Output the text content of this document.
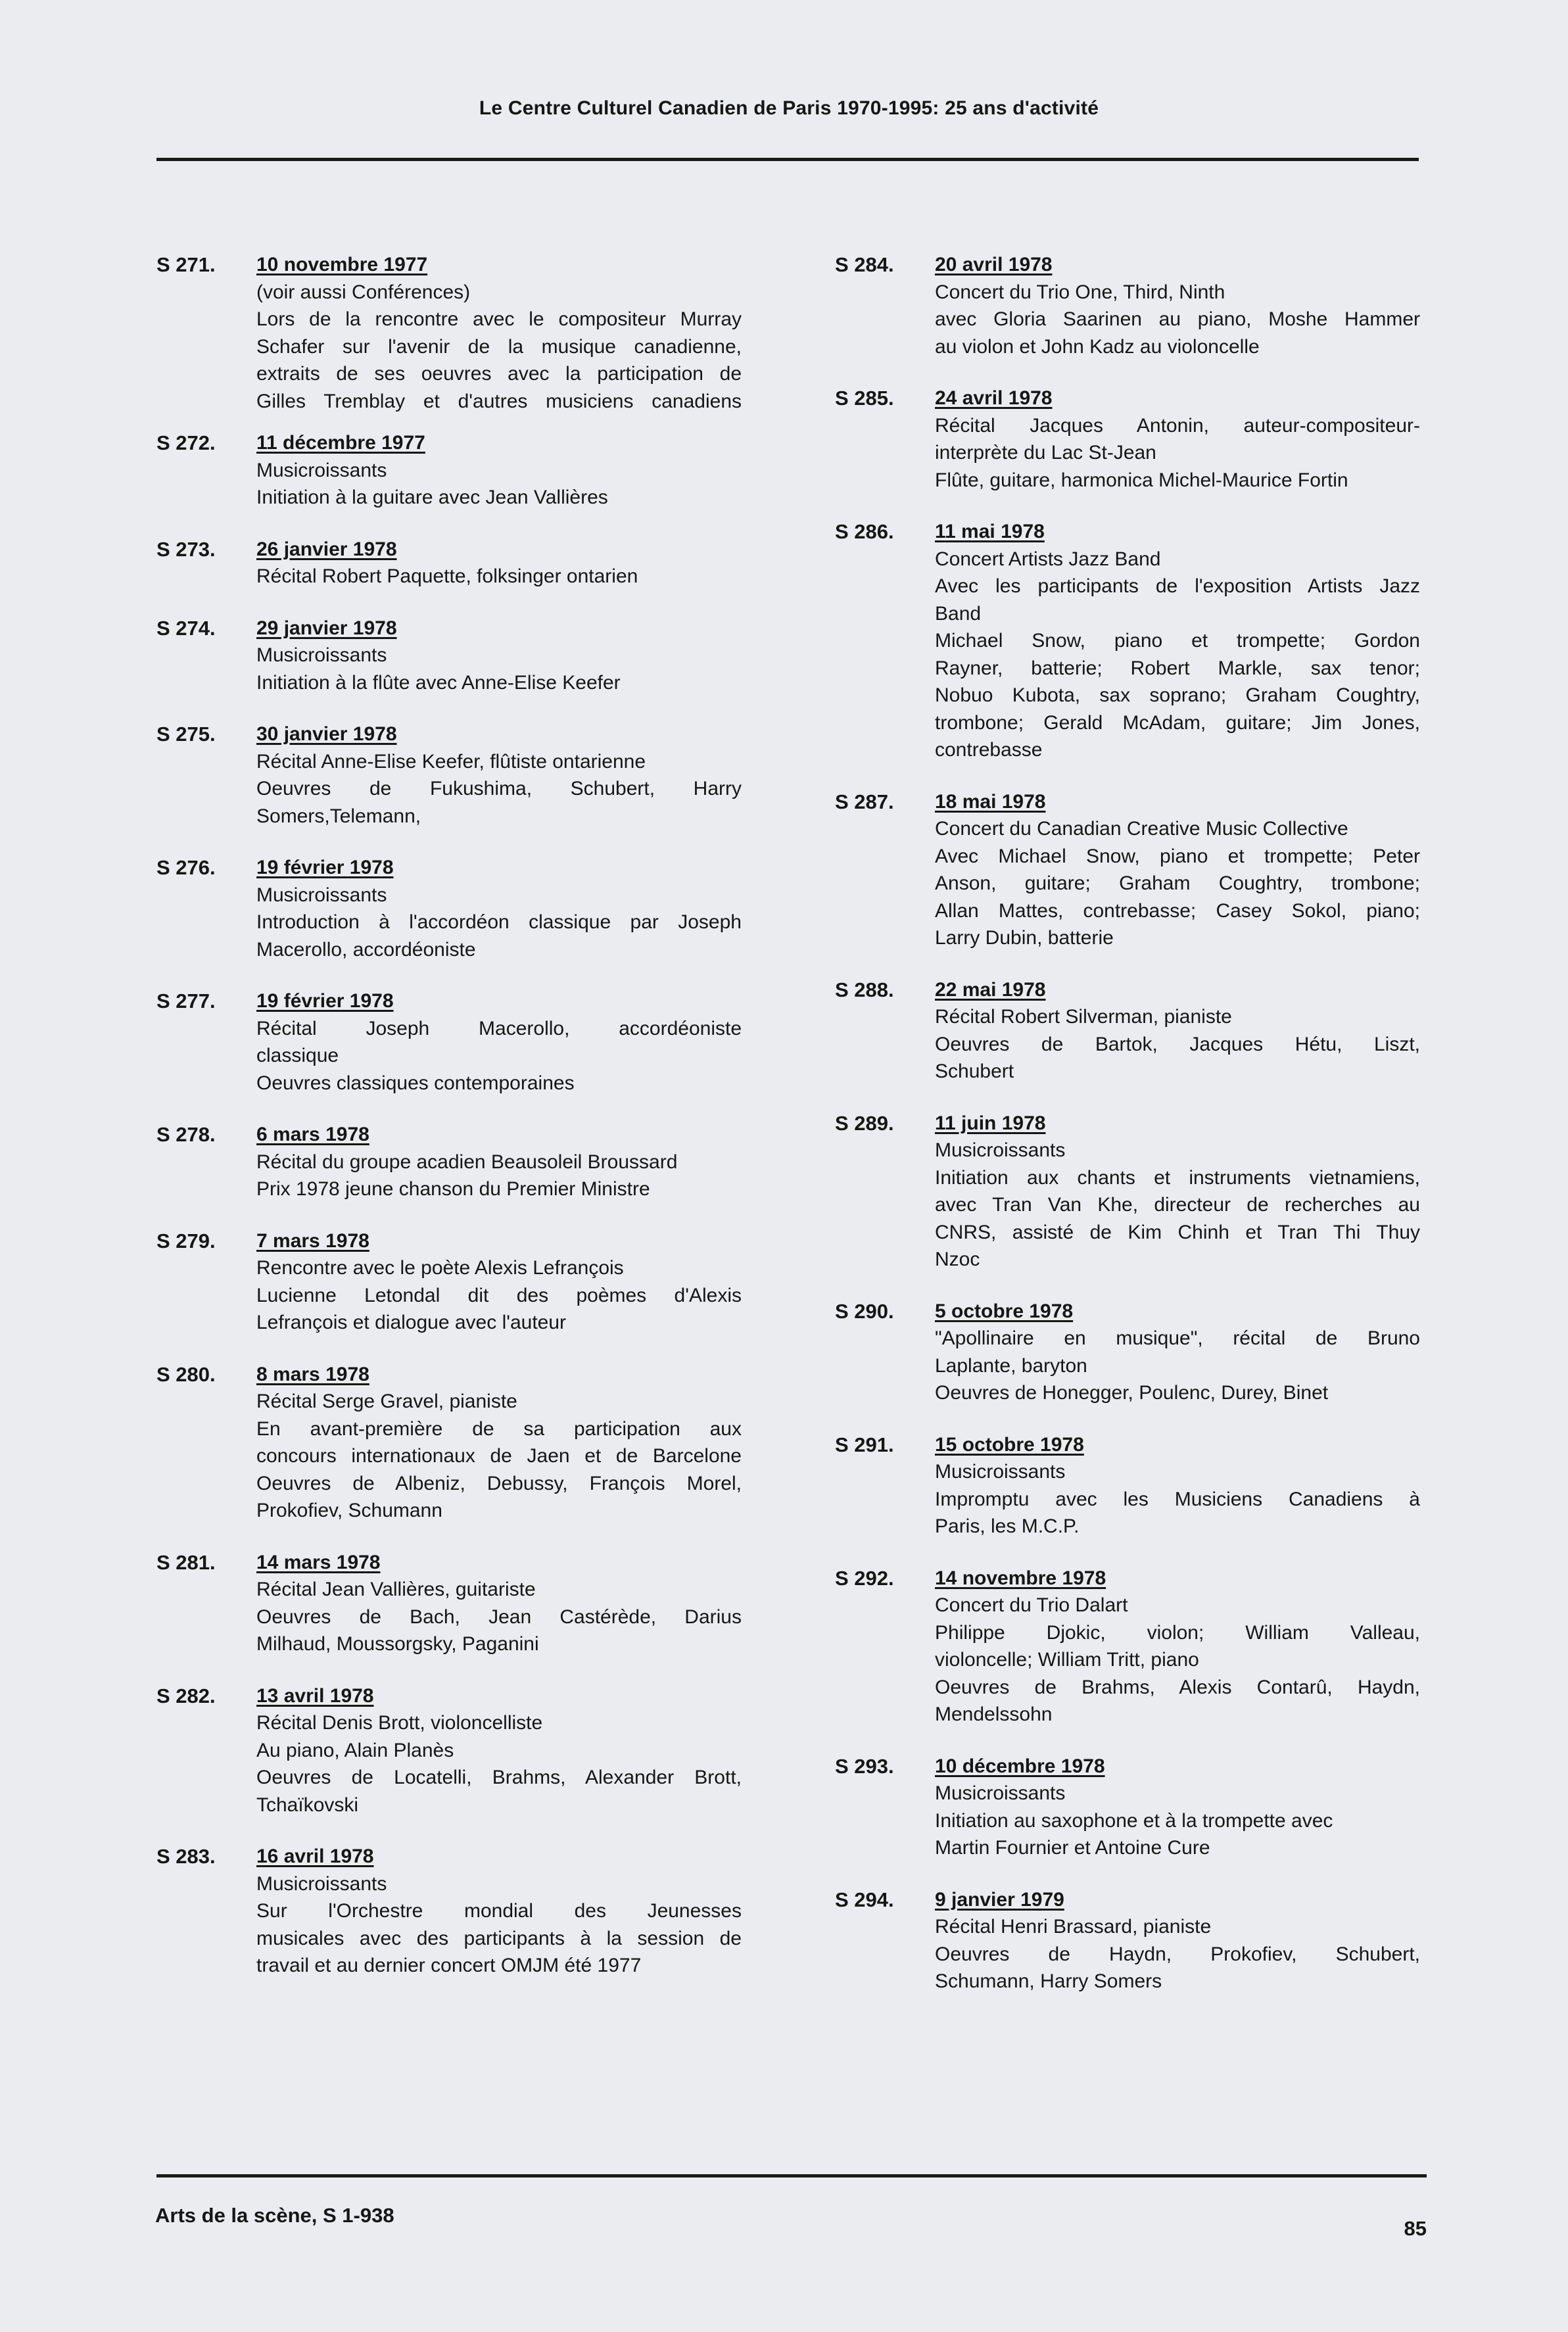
Le Centre Culturel Canadien de Paris 1970-1995: 25 ans d'activité
S 271.	10 novembre 1977
(voir aussi Conférences)
Lors de la rencontre avec le compositeur Murray
Schafer sur l'avenir de la musique canadienne,
extraits de ses oeuvres avec la participation de
Gilles Tremblay et d'autres musiciens canadiens
S 272.	11 décembre 1977
Musicroissants
Initiation à la guitare avec Jean Vallières
S 273.	26 janvier 1978
Récital Robert Paquette, folksinger ontarien
S 274.	29 janvier 1978
Musicroissants
Initiation à la flûte avec Anne-Elise Keefer
S 275.	30 janvier 1978
Récital Anne-Elise Keefer, flûtiste ontarienne
Oeuvres de Fukushima, Schubert, Harry
Somers,Telemann,
S 276.	19 février 1978
Musicroissants
Introduction à l'accordéon classique par Joseph
Macerollo, accordéoniste
S 277.	19 février 1978
Récital Joseph Macerollo, accordéoniste
classique
Oeuvres classiques contemporaines
S 278.	6 mars 1978
Récital du groupe acadien Beausoleil Broussard
Prix 1978 jeune chanson du Premier Ministre
S 279.	7 mars 1978
Rencontre avec le poète Alexis Lefrançois
Lucienne Letondal dit des poèmes d'Alexis
Lefrançois et dialogue avec l'auteur
S 280.	8 mars 1978
Récital Serge Gravel, pianiste
En avant-première de sa participation aux
concours internationaux de Jaen et de Barcelone
Oeuvres de Albeniz, Debussy, François Morel,
Prokofiev, Schumann
S 281.	14 mars 1978
Récital Jean Vallières, guitariste
Oeuvres de Bach, Jean Castérède, Darius
Milhaud, Moussorgsky, Paganini
S 282.	13 avril 1978
Récital Denis Brott, violoncelliste
Au piano, Alain Planès
Oeuvres de Locatelli, Brahms, Alexander Brott,
Tchaïkovski
S 283.	16 avril 1978
Musicroissants
Sur l'Orchestre mondial des Jeunesses
musicales avec des participants à la session de
travail et au dernier concert OMJM été 1977
S 284.	20 avril 1978
Concert du Trio One, Third, Ninth
avec Gloria Saarinen au piano, Moshe Hammer
au violon et John Kadz au violoncelle
S 285.	24 avril 1978
Récital Jacques Antonin, auteur-compositeur-
interprète du Lac St-Jean
Flûte, guitare, harmonica Michel-Maurice Fortin
S 286.	11 mai 1978
Concert Artists Jazz Band
Avec les participants de l'exposition Artists Jazz
Band
Michael Snow, piano et trompette; Gordon
Rayner, batterie; Robert Markle, sax tenor;
Nobuo Kubota, sax soprano; Graham Coughtry,
trombone; Gerald McAdam, guitare; Jim Jones,
contrebasse
S 287.	18 mai 1978
Concert du Canadian Creative Music Collective
Avec Michael Snow, piano et trompette; Peter
Anson, guitare; Graham Coughtry, trombone;
Allan Mattes, contrebasse; Casey Sokol, piano;
Larry Dubin, batterie
S 288.	22 mai 1978
Récital Robert Silverman, pianiste
Oeuvres de Bartok, Jacques Hétu, Liszt,
Schubert
S 289.	11 juin 1978
Musicroissants
Initiation aux chants et instruments vietnamiens,
avec Tran Van Khe, directeur de recherches au
CNRS, assisté de Kim Chinh et Tran Thi Thuy
Nzoc
S 290.	5 octobre 1978
"Apollinaire en musique", récital de Bruno
Laplante, baryton
Oeuvres de Honegger, Poulenc, Durey, Binet
S 291.	15 octobre 1978
Musicroissants
Impromptu avec les Musiciens Canadiens à
Paris, les M.C.P.
S 292.	14 novembre 1978
Concert du Trio Dalart
Philippe Djokic, violon; William Valleau,
violoncelle; William Tritt, piano
Oeuvres de Brahms, Alexis Contarû, Haydn,
Mendelssohn
S 293.	10 décembre 1978
Musicroissants
Initiation au saxophone et à la trompette avec
Martin Fournier et Antoine Cure
S 294.	9 janvier 1979
Récital Henri Brassard, pianiste
Oeuvres de Haydn, Prokofiev, Schubert,
Schumann, Harry Somers
Arts de la scène, S 1-938
85
